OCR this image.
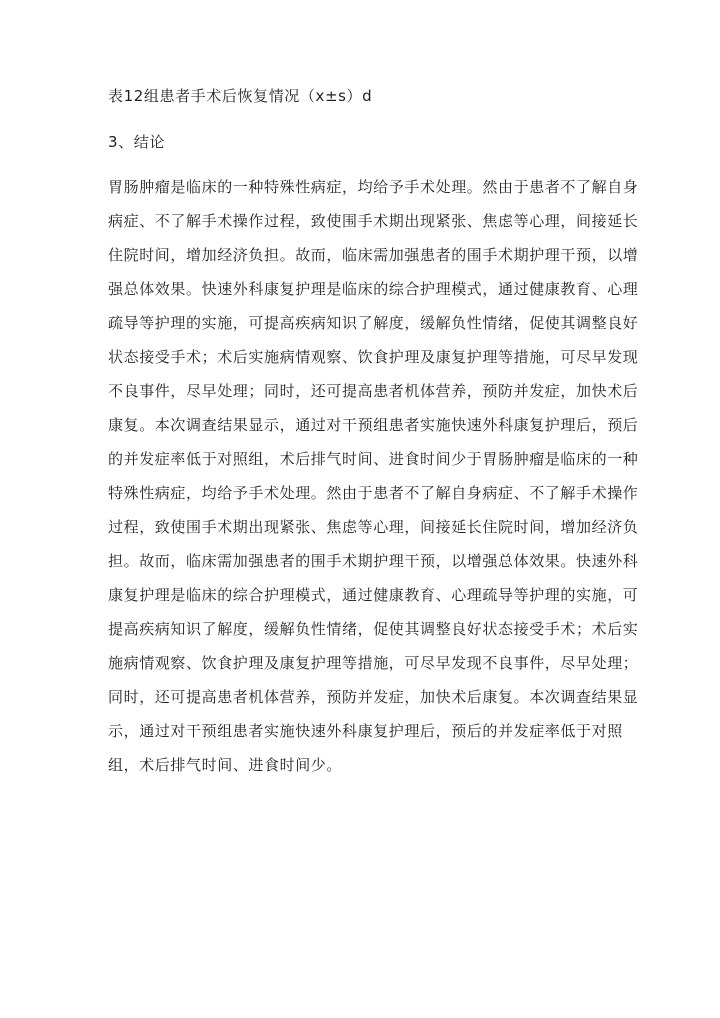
表12组患者手术后恢复情况（x±s）d
3、结论
胃肠肿瘤是临床的一种特殊性病症，均给予手术处理。然由于患者不了解自身
病症、不了解手术操作过程，致使围手术期出现紧张、焦虑等心理，间接延长
住院时间，增加经济负担。故而，临床需加强患者的围手术期护理干预，以增
强总体效果。快速外科康复护理是临床的综合护理模式，通过健康教育、心理
疏导等护理的实施，可提高疾病知识了解度，缓解负性情绪，促使其调整良好
状态接受手术；术后实施病情观察、饮食护理及康复护理等措施，可尽早发现
不良事件，尽早处理；同时，还可提高患者机体营养，预防并发症，加快术后
康复。本次调查结果显示，通过对干预组患者实施快速外科康复护理后，预后
的并发症率低于对照组，术后排气时间、进食时间少于胃肠肿瘤是临床的一种
特殊性病症，均给予手术处理。然由于患者不了解自身病症、不了解手术操作
过程，致使围手术期出现紧张、焦虑等心理，间接延长住院时间，增加经济负
担。故而，临床需加强患者的围手术期护理干预，以增强总体效果。快速外科
康复护理是临床的综合护理模式，通过健康教育、心理疏导等护理的实施，可
提高疾病知识了解度，缓解负性情绪，促使其调整良好状态接受手术；术后实
施病情观察、饮食护理及康复护理等措施，可尽早发现不良事件，尽早处理；
同时，还可提高患者机体营养，预防并发症，加快术后康复。本次调查结果显
示，通过对干预组患者实施快速外科康复护理后，预后的并发症率低于对照
组，术后排气时间、进食时间少。
